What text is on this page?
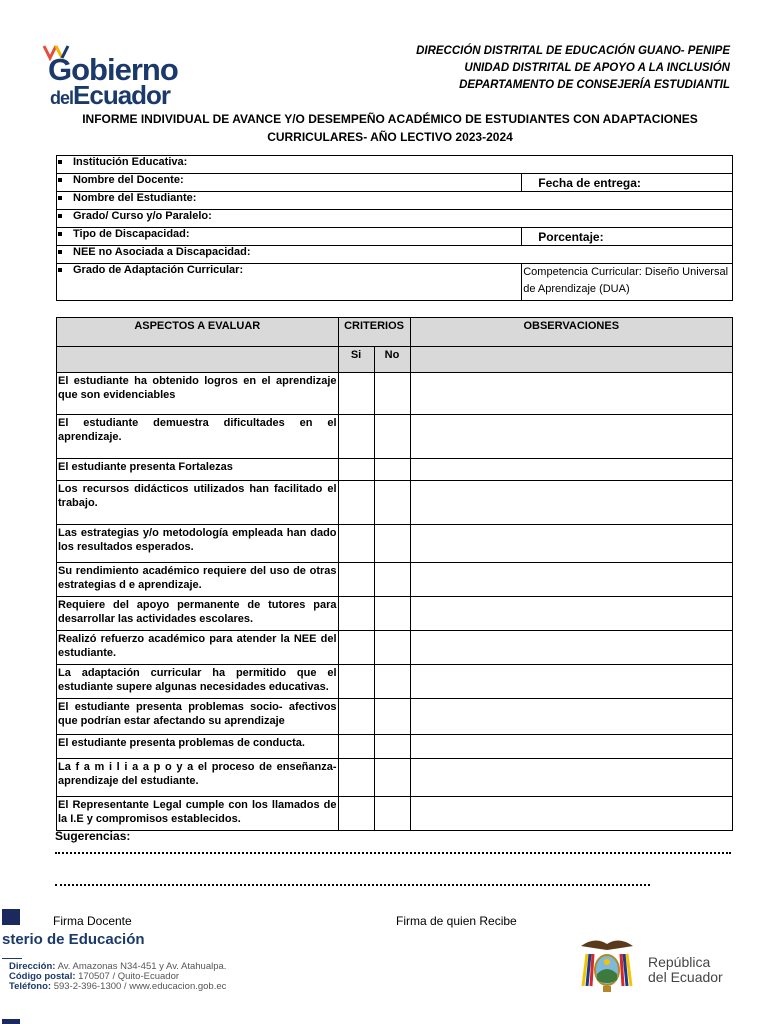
Gobierno
delEcuador
DIRECCIÓN DISTRITAL DE EDUCACIÓN GUANO- PENIPE
UNIDAD DISTRITAL DE APOYO A LA INCLUSIÓN
DEPARTAMENTO DE CONSEJERÍA ESTUDIANTIL
INFORME INDIVIDUAL DE AVANCE Y/O DESEMPEÑO ACADÉMICO DE ESTUDIANTES CON ADAPTACIONES
CURRICULARES- AÑO LECTIVO 2023-2024
Institución Educativa:	
Nombre del Docente:	Fecha de entrega:
Nombre del Estudiante:	
Grado/ Curso y/o Paralelo:	
Tipo de Discapacidad:	Porcentaje:
NEE no Asociada a Discapacidad:	
Grado de Adaptación Curricular:	Competencia Curricular: Diseño Universal de Aprendizaje (DUA)
ASPECTOS A EVALUAR	CRITERIOS		OBSERVACIONES
	Si	No	
El estudiante ha obtenido logros en el aprendizaje que son evidenciables			
El estudiante demuestra dificultades en el aprendizaje.			
El estudiante presenta Fortalezas			
Los recursos didácticos utilizados han facilitado el trabajo.			
Las estrategias y/o metodología empleada han dado los resultados esperados.			
Su rendimiento académico requiere del uso de otras estrategias d e aprendizaje.			
Requiere del apoyo permanente de tutores para desarrollar las actividades escolares.			
Realizó refuerzo académico para atender la NEE del estudiante.			
La adaptación curricular ha permitido que el estudiante supere algunas necesidades educativas.			
El estudiante presenta problemas socio- afectivos que podrían estar afectando su aprendizaje			
El estudiante presenta problemas de conducta.			
La f a m i l i a a p o y a el proceso de enseñanza-aprendizaje del estudiante.			
El Representante Legal cumple con los llamados de la I.E y compromisos establecidos.			
Sugerencias:
Firma Docente	Firma de quien Recibe
sterio de Educación
Dirección: Av. Amazonas N34-451 y Av. Atahualpa.
Código postal: 170507 / Quito-Ecuador
Teléfono: 593-2-396-1300 / www.educacion.gob.ec
República
del Ecuador
